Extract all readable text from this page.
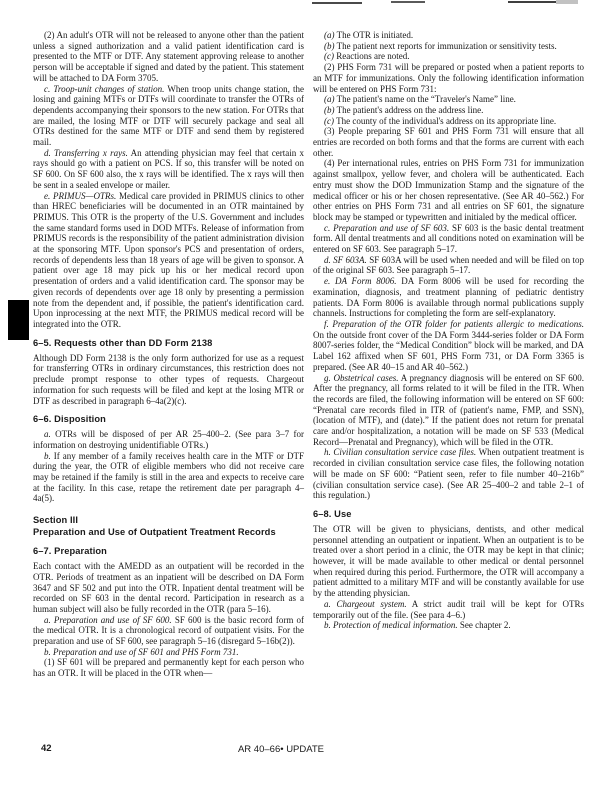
(2) An adult's OTR will not be released to anyone other than the patient unless a signed authorization and a valid patient identification card is presented to the MTF or DTF. Any statement approving release to another person will be acceptable if signed and dated by the patient. This statement will be attached to DA Form 3705.

c. Troop-unit changes of station. When troop units change station, the losing and gaining MTFs or DTFs will coordinate to transfer the OTRs of dependents accompanying their sponsors to the new station. For OTRs that are mailed, the losing MTF or DTF will securely package and seal all OTRs destined for the same MTF or DTF and send them by registered mail.

d. Transferring x rays. An attending physician may feel that certain x rays should go with a patient on PCS. If so, this transfer will be noted on SF 600. On SF 600 also, the x rays will be identified. The x rays will then be sent in a sealed envelope or mailer.

e. PRIMUS—OTRs. Medical care provided in PRIMUS clinics to other than HREC beneficiaries will be documented in an OTR maintained by PRIMUS. This OTR is the property of the U.S. Government and includes the same standard forms used in DOD MTFs. Release of information from PRIMUS records is the responsibility of the patient administration division at the sponsoring MTF. Upon sponsor's PCS and presentation of orders, records of dependents less than 18 years of age will be given to sponsor. A patient over age 18 may pick up his or her medical record upon presentation of orders and a valid identification card. The sponsor may be given records of dependents over age 18 only by presenting a permission note from the dependent and, if possible, the patient's identification card. Upon inprocessing at the next MTF, the PRIMUS medical record will be integrated into the OTR.

6–5. Requests other than DD Form 2138

Although DD Form 2138 is the only form authorized for use as a request for transferring OTRs in ordinary circumstances, this restriction does not preclude prompt response to other types of requests. Chargeout information for such requests will be filed and kept at the losing MTR or DTF as described in paragraph 6–4a(2)(c).

6–6. Disposition

a. OTRs will be disposed of per AR 25–400–2. (See para 3–7 for information on destroying unidentifiable OTRs.)

b. If any member of a family receives health care in the MTF or DTF during the year, the OTR of eligible members who did not receive care may be retained if the family is still in the area and expects to receive care at the facility. In this case, retape the retirement date per paragraph 4–4a(5).

Section III
Preparation and Use of Outpatient Treatment Records
6–7. Preparation

Each contact with the AMEDD as an outpatient will be recorded in the OTR. Periods of treatment as an inpatient will be described on DA Form 3647 and SF 502 and put into the OTR. Inpatient dental treatment will be recorded on SF 603 in the dental record. Participation in research as a human subject will also be fully recorded in the OTR (para 5–16).

a. Preparation and use of SF 600. SF 600 is the basic record form of the medical OTR. It is a chronological record of outpatient visits. For the preparation and use of SF 600, see paragraph 5–16 (disregard 5–16b(2)).

b. Preparation and use of SF 601 and PHS Form 731.

(1) SF 601 will be prepared and permanently kept for each person who has an OTR. It will be placed in the OTR when—

(a) The OTR is initiated.

(b) The patient next reports for immunization or sensitivity tests.

(c) Reactions are noted.

(2) PHS Form 731 will be prepared or posted when a patient reports to an MTF for immunizations. Only the following identification information will be entered on PHS Form 731:

(a) The patient's name on the “Traveler's Name” line.

(b) The patient's address on the address line.

(c) The county of the individual's address on its appropriate line.

(3) People preparing SF 601 and PHS Form 731 will ensure that all entries are recorded on both forms and that the forms are current with each other.

(4) Per international rules, entries on PHS Form 731 for immunization against smallpox, yellow fever, and cholera will be authenticated. Each entry must show the DOD Immunization Stamp and the signature of the medical officer or his or her chosen representative. (See AR 40–562.) For other entries on PHS Form 731 and all entries on SF 601, the signature block may be stamped or typewritten and initialed by the medical officer.

c. Preparation and use of SF 603. SF 603 is the basic dental treatment form. All dental treatments and all conditions noted on examination will be entered on SF 603. See paragraph 5–17.

d. SF 603A. SF 603A will be used when needed and will be filed on top of the original SF 603. See paragraph 5–17.

e. DA Form 8006. DA Form 8006 will be used for recording the examination, diagnosis, and treatment planning of pediatric dentistry patients. DA Form 8006 is available through normal publications supply channels. Instructions for completing the form are self-explanatory.

f. Preparation of the OTR folder for patients allergic to medications. On the outside front cover of the DA Form 3444-series folder or DA Form 8007-series folder, the “Medical Condition” block will be marked, and DA Label 162 affixed when SF 601, PHS Form 731, or DA Form 3365 is prepared. (See AR 40–15 and AR 40–562.)

g. Obstetrical cases. A pregnancy diagnosis will be entered on SF 600. After the pregnancy, all forms related to it will be filed in the ITR. When the records are filed, the following information will be entered on SF 600: “Prenatal care records filed in ITR of (patient's name, FMP, and SSN), (location of MTF), and (date).” If the patient does not return for prenatal care and/or hospitalization, a notation will be made on SF 533 (Medical Record—Prenatal and Pregnancy), which will be filed in the OTR.

h. Civilian consultation service case files. When outpatient treatment is recorded in civilian consultation service case files, the following notation will be made on SF 600: “Patient seen, refer to file number 40–216b” (civilian consultation service case). (See AR 25–400–2 and table 2–1 of this regulation.)

6–8. Use

The OTR will be given to physicians, dentists, and other medical personnel attending an outpatient or inpatient. When an outpatient is to be treated over a short period in a clinic, the OTR may be kept in that clinic; however, it will be made available to other medical or dental personnel when required during this period. Furthermore, the OTR will accompany a patient admitted to a military MTF and will be constantly available for use by the attending physician.

a. Chargeout system. A strict audit trail will be kept for OTRs temporarily out of the file. (See para 4–6.)

b. Protection of medical information. See chapter 2.

42	AR 40–66• UPDATE
